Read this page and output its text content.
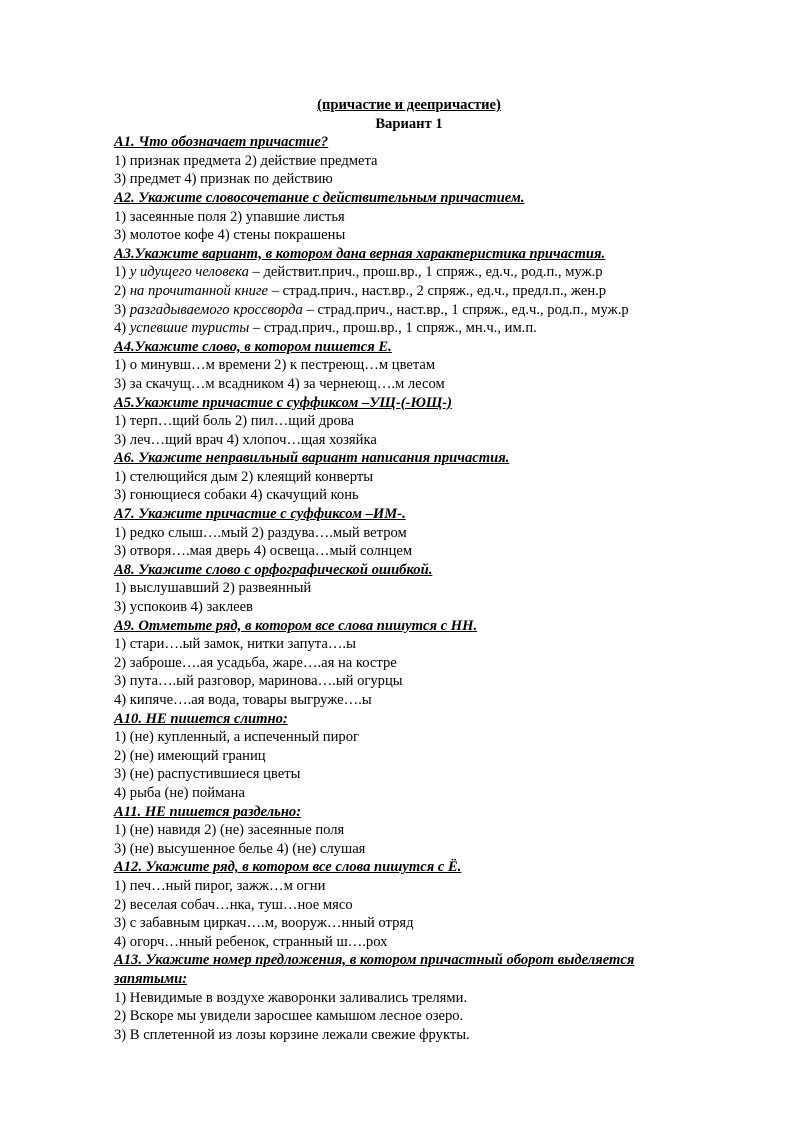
(причастие и деепричастие)
Вариант 1
А1. Что обозначает причастие?
1) признак предмета 2) действие предмета
3) предмет 4) признак по действию
А2. Укажите словосочетание с действительным причастием.
1) засеянные поля 2) упавшие листья
3) молотое кофе 4) стены покрашены
А3.Укажите вариант, в котором дана верная характеристика причастия.
1) у идущего человека – действит.прич., прош.вр., 1 спряж., ед.ч., род.п., муж.р
2) на прочитанной книге – страд.прич., наст.вр., 2 спряж., ед.ч., предл.п., жен.р
3) разгадываемого кроссворда – страд.прич., наст.вр., 1 спряж., ед.ч., род.п., муж.р
4) успевшие туристы – страд.прич., прош.вр., 1 спряж., мн.ч., им.п.
А4.Укажите слово, в котором пишется Е.
1) о минувш…м времени 2) к пестреющ…м цветам
3) за скачущ…м всадником 4) за чернеющ….м лесом
А5.Укажите причастие с суффиксом –УЩ-(-ЮЩ-)
1) терп…щий боль 2) пил…щий дрова
3) леч…щий врач 4) хлопоч…щая хозяйка
А6. Укажите неправильный вариант написания причастия.
1) стелющийся дым 2) клеящий конверты
3) гонющиеся собаки 4) скачущий конь
А7. Укажите причастие с суффиксом –ИМ-.
1) редко слыш….мый 2) раздува….мый ветром
3) отворя….мая дверь 4) освеща…мый солнцем
А8. Укажите слово с орфографической ошибкой.
1) выслушавший 2) развеянный
3) успокоив 4) заклеев
А9. Отметьте ряд, в котором все слова пишутся с НН.
1) стари….ый замок, нитки запута….ы
2) заброше….ая усадьба, жаре….ая на костре
3) пута….ый разговор, маринова….ый огурцы
4) кипяче….ая вода, товары выгруже….ы
А10. НЕ пишется слитно:
1) (не) купленный, а испеченный пирог
2) (не) имеющий границ
3) (не) распустившиеся цветы
4) рыба (не) поймана
А11. НЕ пишется раздельно:
1) (не) навидя 2) (не) засеянные поля
3) (не) высушенное белье 4) (не) слушая
А12. Укажите ряд, в котором все слова пишутся с Ё.
1) печ…ный пирог, зажж…м огни
2) веселая собач…нка, туш…ное мясо
3) с забавным циркач….м, вооруж…нный отряд
4) огорч…нный ребенок, странный ш….рох
А13. Укажите номер предложения, в котором причастный оборот выделяется запятыми:
1) Невидимые в воздухе жаворонки заливались трелями.
2) Вскоре мы увидели заросшее камышом лесное озеро.
3) В сплетенной из лозы корзине лежали свежие фрукты.
